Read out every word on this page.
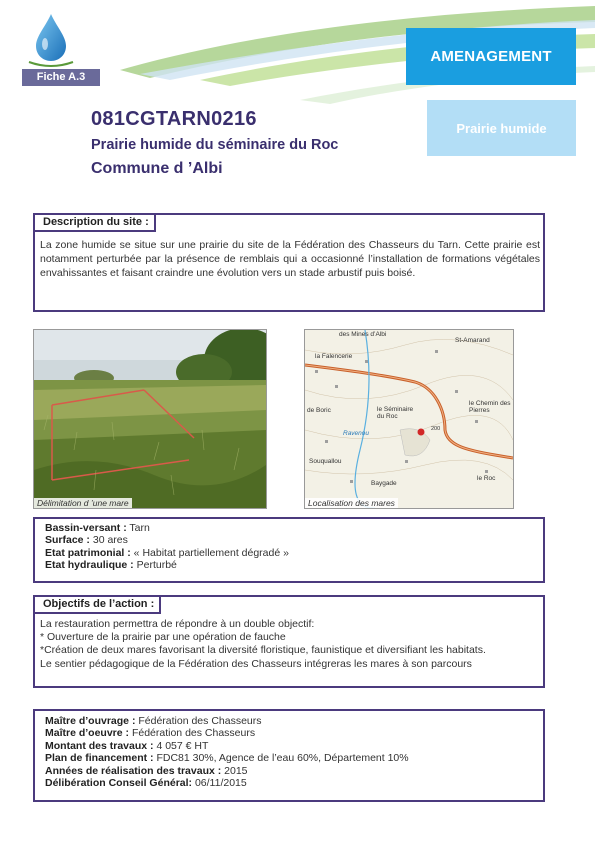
Fiche A.3
AMENAGEMENT
Prairie humide
081CGTARN0216
Prairie humide du séminaire du Roc
Commune d ’Albi
Description du site :
La zone humide se situe sur une prairie du site de la Fédération des Chasseurs du Tarn. Cette prairie est notamment perturbée par la présence de remblais qui a occasionné l’installation de formations végétales envahissantes et faisant craindre une évolution vers un stade arbustif puis boisé.
Délimitation d ’une mare
des Mines d’Albi
St-Amarand
la Falencerie
de Boric	le Séminaire du Roc
le Chemin des Pierres
Souquallou
Baygade
le Roc
Ravenou
200
Localisation des mares
Bassin-versant : Tarn
Surface : 30 ares
Etat patrimonial : « Habitat partiellement dégradé »
Etat hydraulique : Perturbé
Objectifs de l’action :
La restauration permettra de répondre à un double objectif:
* Ouverture de la prairie par une opération de fauche
*Création de deux mares favorisant la diversité floristique, faunistique et diversifiant les habitats.
Le sentier pédagogique de la Fédération des Chasseurs intégreras les mares à son parcours
Maître d’ouvrage : Fédération des Chasseurs
Maître d’oeuvre : Fédération des Chasseurs
Montant des travaux : 4 057 € HT
Plan de financement : FDC81 30%, Agence de l’eau 60%, Département 10%
Années de réalisation des travaux : 2015
Délibération Conseil Général: 06/11/2015
